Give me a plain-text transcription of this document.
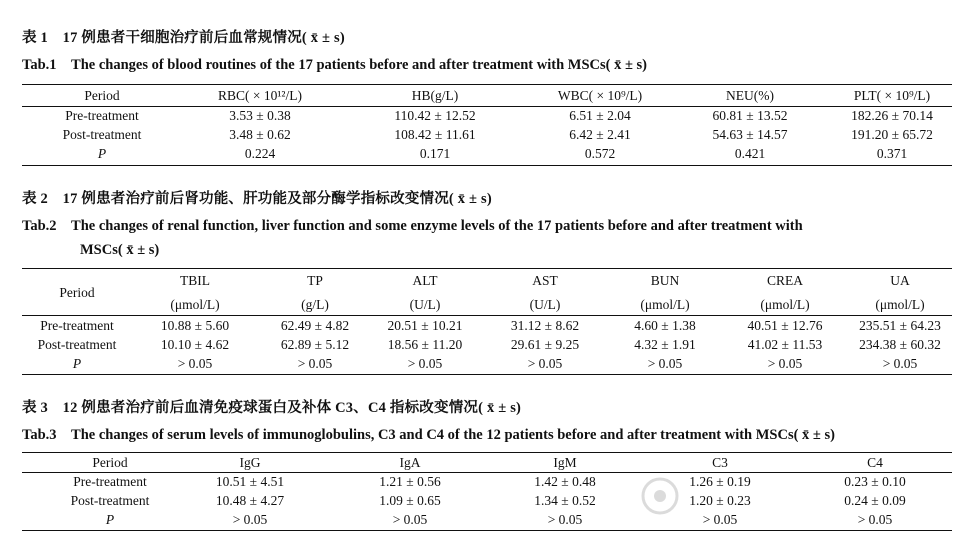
表 1　17 例患者干细胞治疗前后血常规情况( x̄ ± s)
Tab.1　The changes of blood routines of the 17 patients before and after treatment with MSCs( x̄ ± s)
Period	RBC( × 10¹²/L)	HB(g/L)	WBC( × 10⁹/L)	NEU(%)	PLT( × 10⁹/L)
Pre-treatment	3.53 ± 0.38	110.42 ± 12.52	6.51 ± 2.04	60.81 ± 13.52	182.26 ± 70.14
Post-treatment	3.48 ± 0.62	108.42 ± 11.61	6.42 ± 2.41	54.63 ± 14.57	191.20 ± 65.72
P	0.224	0.171	0.572	0.421	0.371
表 2　17 例患者治疗前后肾功能、肝功能及部分酶学指标改变情况( x̄ ± s)
Tab.2　The changes of renal function, liver function and some enzyme levels of the 17 patients before and after treatment with
MSCs( x̄ ± s)
Period
TBIL	TP	ALT	AST	BUN	CREA	UA
(μmol/L)	(g/L)	(U/L)	(U/L)	(μmol/L)	(μmol/L)	(μmol/L)
Pre-treatment	10.88 ± 5.60	62.49 ± 4.82	20.51 ± 10.21	31.12 ± 8.62	4.60 ± 1.38	40.51 ± 12.76	235.51 ± 64.23
Post-treatment	10.10 ± 4.62	62.89 ± 5.12	18.56 ± 11.20	29.61 ± 9.25	4.32 ± 1.91	41.02 ± 11.53	234.38 ± 60.32
P	> 0.05	> 0.05	> 0.05	> 0.05	> 0.05	> 0.05	> 0.05
表 3　12 例患者治疗前后血清免疫球蛋白及补体 C3、C4 指标改变情况( x̄ ± s)
Tab.3　The changes of serum levels of immunoglobulins, C3 and C4 of the 12 patients before and after treatment with MSCs( x̄ ± s)
Period	IgG	IgA	IgM	C3	C4
Pre-treatment	10.51 ± 4.51	1.21 ± 0.56	1.42 ± 0.48	1.26 ± 0.19	0.23 ± 0.10
Post-treatment	10.48 ± 4.27	1.09 ± 0.65	1.34 ± 0.52	1.20 ± 0.23	0.24 ± 0.09
P	> 0.05	> 0.05	> 0.05	> 0.05	> 0.05
